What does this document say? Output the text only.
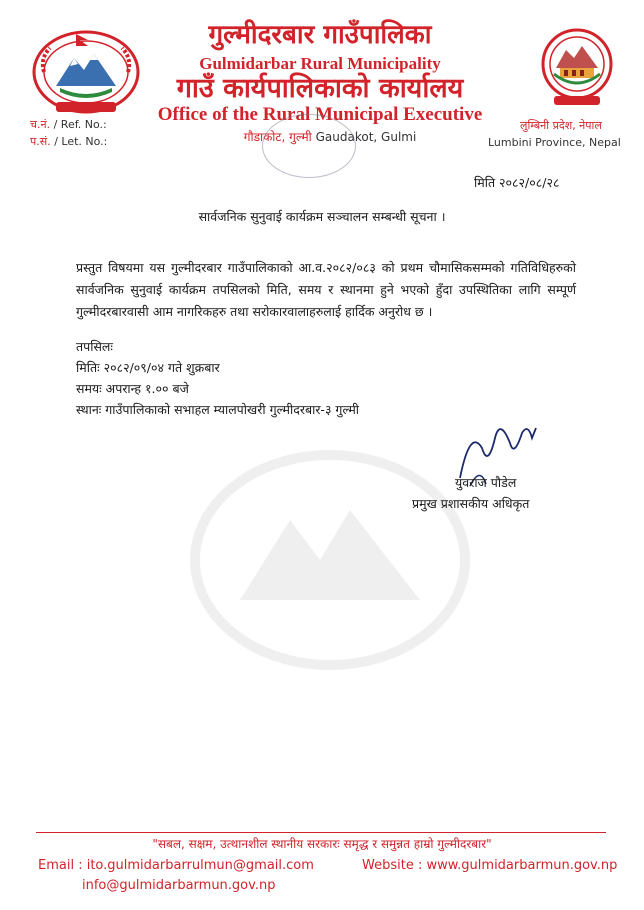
गुल्मीदरबार गाउँपालिका
Gulmidarbar Rural Municipality
गाउँ कार्यपालिकाको कार्यालय
Office of the Rural Municipal Executive
गौडाकोट, गुल्मी Gaudakot, Gulmi
च.नं. / Ref. No.:
प.सं. / Let. No.:
लुम्बिनी प्रदेश, नेपाल
Lumbini Province, Nepal
मिति २०८२/०८/२८
सार्वजनिक सुनुवाई कार्यक्रम सञ्चालन सम्बन्धी सूचना ।
प्रस्तुत विषयमा यस गुल्मीदरबार गाउँपालिकाको आ.व.२०८२/०८३ को प्रथम चौमासिकसम्मको गतिविधिहरुको सार्वजनिक सुनुवाई कार्यक्रम तपसिलको मिति, समय र स्थानमा हुने भएको हुँदा उपस्थितिका लागि सम्पूर्ण गुल्मीदरबारवासी आम नागरिकहरु तथा सरोकारवालाहरुलाई हार्दिक अनुरोध छ ।
तपसिलः
मितिः २०८२/०९/०४ गते शुक्रबार
समयः अपरान्ह १.०० बजे
स्थानः गाउँपालिकाको सभाहल म्यालपोखरी गुल्मीदरबार-३ गुल्मी
युवराज पौडेल
प्रमुख प्रशासकीय अधिकृत
"सबल, सक्षम, उत्थानशील स्थानीय सरकारः समृद्ध र समुन्नत हाम्रो गुल्मीदरबार"
Email : ito.gulmidarbarrulmun@gmail.com
info@gulmidarbarmun.gov.np
Website : www.gulmidarbarmun.gov.np
